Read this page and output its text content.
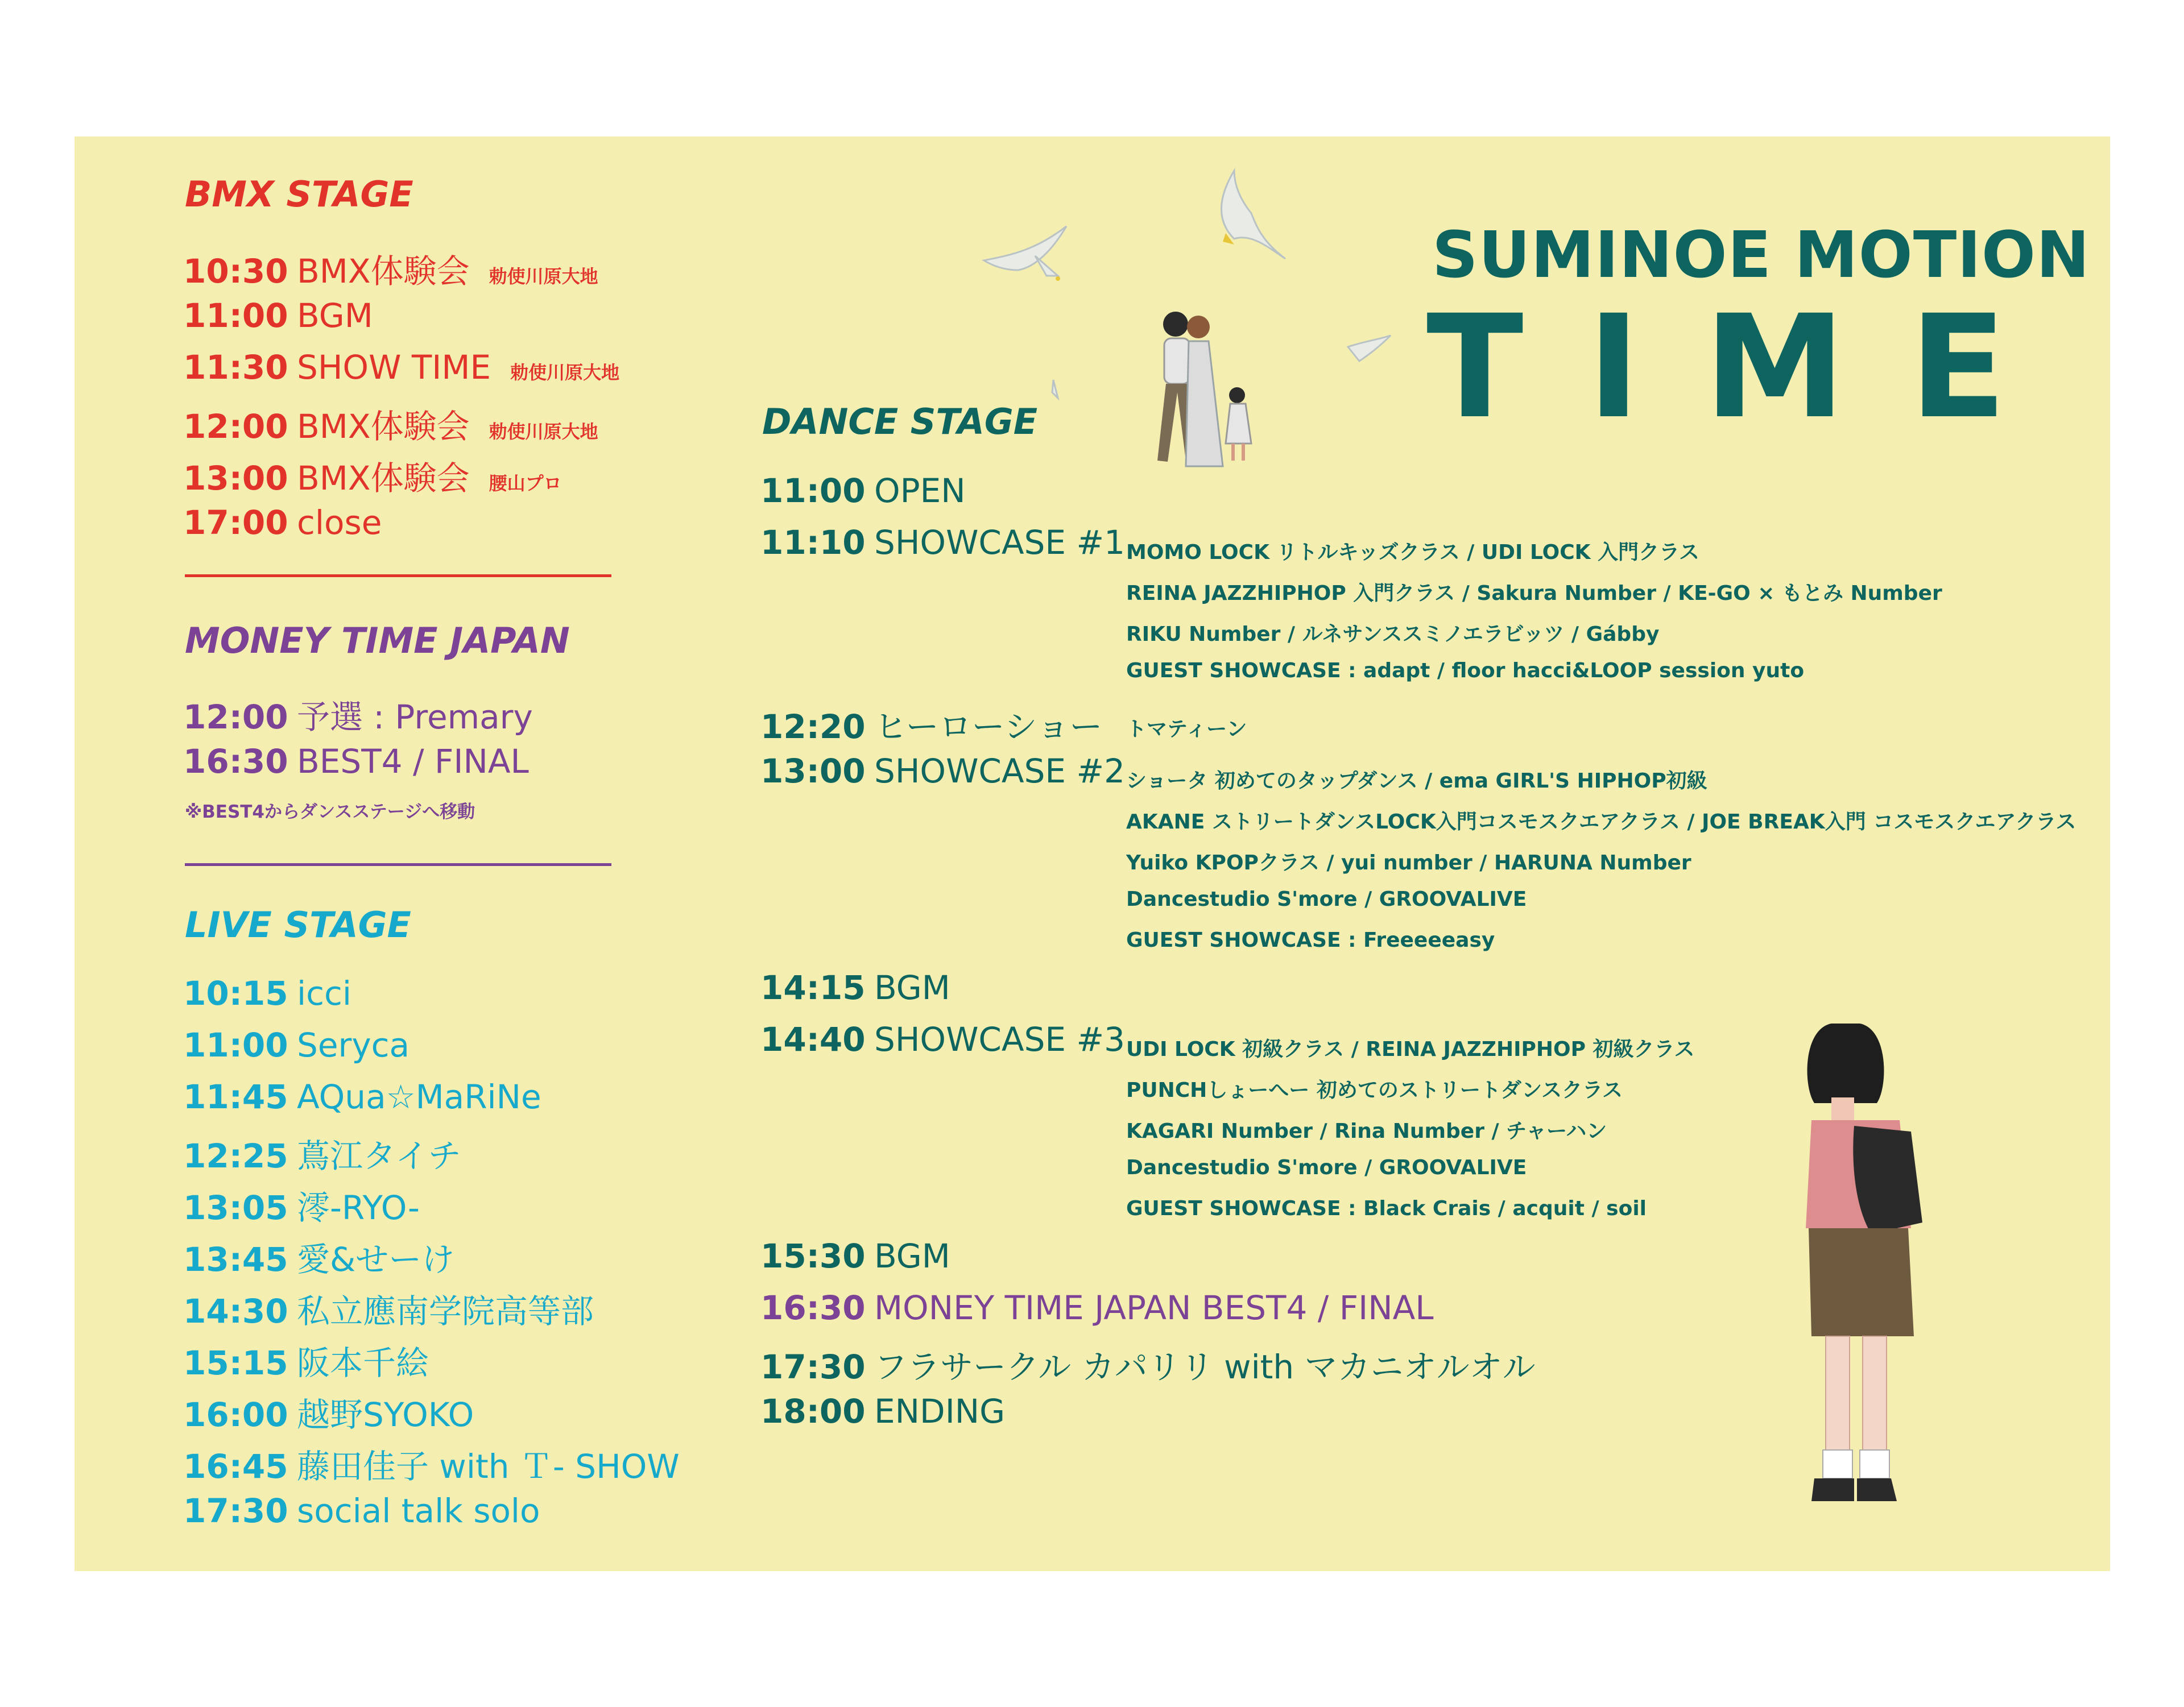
SUMINOE MOTION
T I M E
BMX STAGE
10:30 BMX体験会 勅使川原大地
11:00 BGM
11:30 SHOW TIME 勅使川原大地
12:00 BMX体験会 勅使川原大地
13:00 BMX体験会 腰山プロ
17:00 close
MONEY TIME JAPAN
12:00 予選 : Premary
16:30 BEST4 / FINAL
※BEST4からダンスステージへ移動
LIVE STAGE
10:15 icci
11:00 Seryca
11:45 AQua☆MaRiNe
12:25 蔦江タイチ
13:05 澪-RYO-
13:45 愛&せーけ
14:30 私立應南学院高等部
15:15 阪本千絵
16:00 越野SYOKO
16:45 藤田佳子 with Ｔ- SHOW
17:30 social talk solo
DANCE STAGE
11:00 OPEN
11:10 SHOWCASE #1 MOMO LOCK リトルキッズクラス / UDI LOCK 入門クラス
REINA JAZZHIPHOP 入門クラス / Sakura Number / KE-GO × もとみ Number
RIKU Number / ルネサンススミノエラビッツ / Gábby
GUEST SHOWCASE : adapt / floor hacci&LOOP session yuto
12:20 ヒーローショー トマティーン
13:00 SHOWCASE #2 ショータ 初めてのタップダンス / ema GIRL'S HIPHOP初級
AKANE ストリートダンスLOCK入門コスモスクエアクラス / JOE BREAK入門 コスモスクエアクラス
Yuiko KPOPクラス / yui number / HARUNA Number
Dancestudio S'more / GROOVALIVE
GUEST SHOWCASE : Freeeeeasy
14:15 BGM
14:40 SHOWCASE #3 UDI LOCK 初級クラス / REINA JAZZHIPHOP 初級クラス
PUNCHしょーへー 初めてのストリートダンスクラス
KAGARI Number / Rina Number / チャーハン
Dancestudio S'more / GROOVALIVE
GUEST SHOWCASE : Black Crais / acquit / soil
15:30 BGM
16:30 MONEY TIME JAPAN BEST4 / FINAL
17:30 フラサークル カパリリ with マカニオルオル
18:00 ENDING
